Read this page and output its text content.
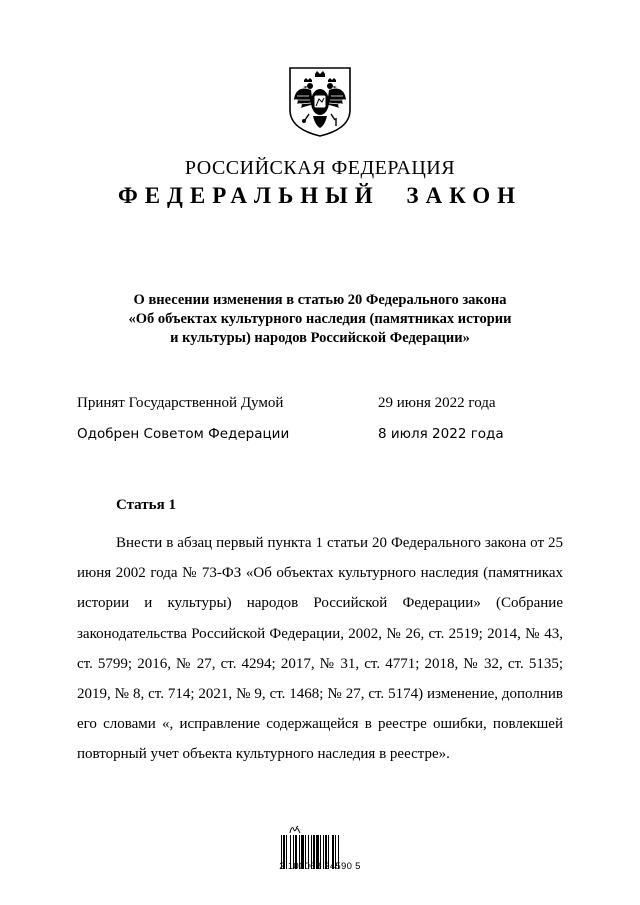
РОССИЙСКАЯ ФЕДЕРАЦИЯ
ФЕДЕРАЛЬНЫЙ ЗАКОН
О внесении изменения в статью 20 Федерального закона
«Об объектах культурного наследия (памятниках истории
и культуры) народов Российской Федерации»
Принят Государственной Думой	29 июня 2022 года
Одобрен Советом Федерации	8 июля 2022 года
Статья 1

Внести в абзац первый пункта 1 статьи 20 Федерального закона от 25 июня 2002 года № 73-ФЗ «Об объектах культурного наследия (памятниках истории и культуры) народов Российской Федерации» (Собрание законодательства Российской Федерации, 2002, № 26, ст. 2519; 2014, № 43, ст. 5799; 2016, № 27, ст. 4294; 2017, № 31, ст. 4771; 2018, № 32, ст. 5135; 2019, № 8, ст. 714; 2021, № 9, ст. 1468; № 27, ст. 5174) изменение, дополнив его словами «, исправление содержащейся в реестре ошибки, повлекшей повторный учет объекта культурного наследия в реестре».

2 100068 24590 5
